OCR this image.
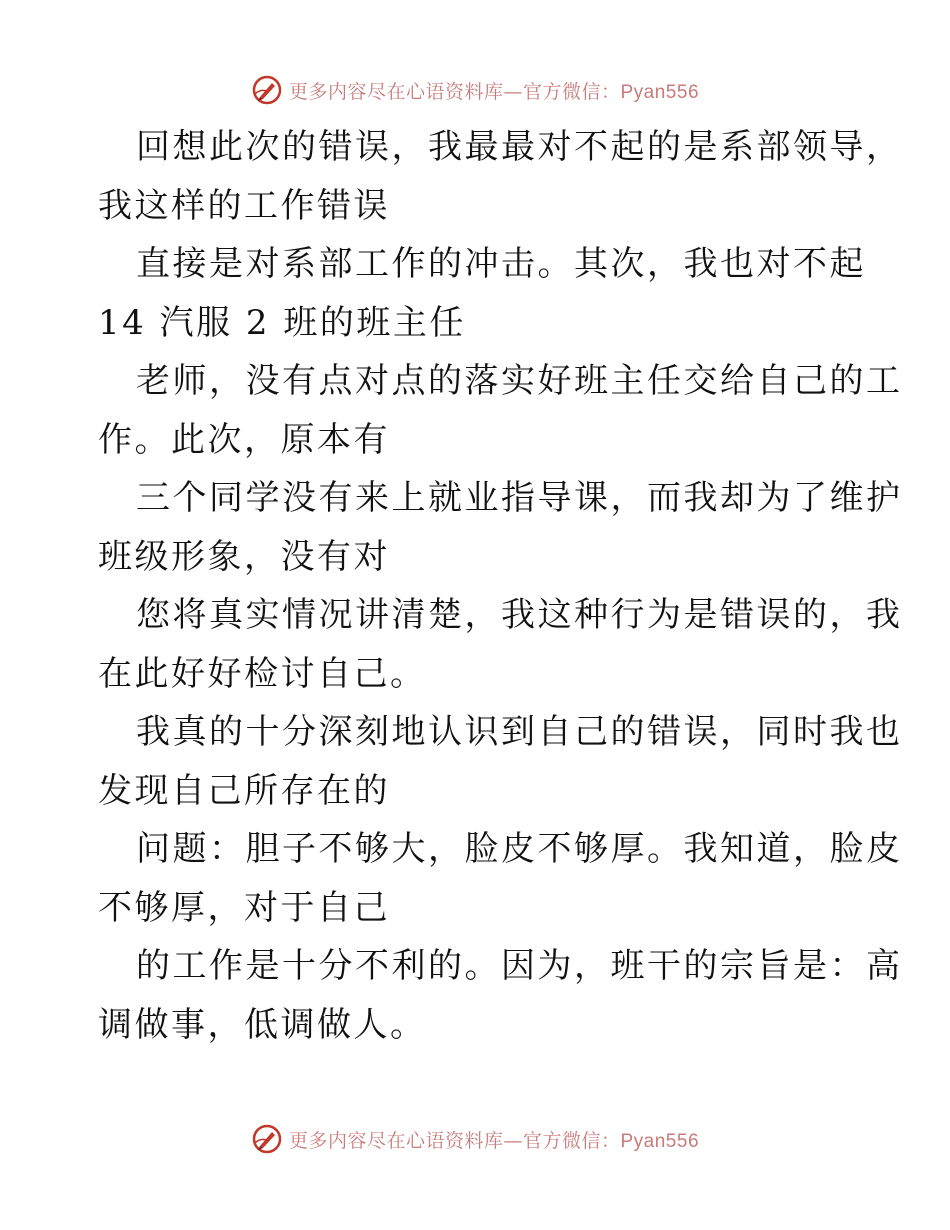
更多内容尽在心语资料库—官方微信：Pyan556
回想此次的错误，我最最对不起的是系部领导，
我这样的工作错误
直接是对系部工作的冲击。其次，我也对不起
14 汽服 2 班的班主任
老师，没有点对点的落实好班主任交给自己的工
作。此次，原本有
三个同学没有来上就业指导课，而我却为了维护
班级形象，没有对
您将真实情况讲清楚，我这种行为是错误的，我
在此好好检讨自己。
我真的十分深刻地认识到自己的错误，同时我也
发现自己所存在的
问题：胆子不够大，脸皮不够厚。我知道，脸皮
不够厚，对于自己
的工作是十分不利的。因为，班干的宗旨是：高
调做事，低调做人。
更多内容尽在心语资料库—官方微信：Pyan556
